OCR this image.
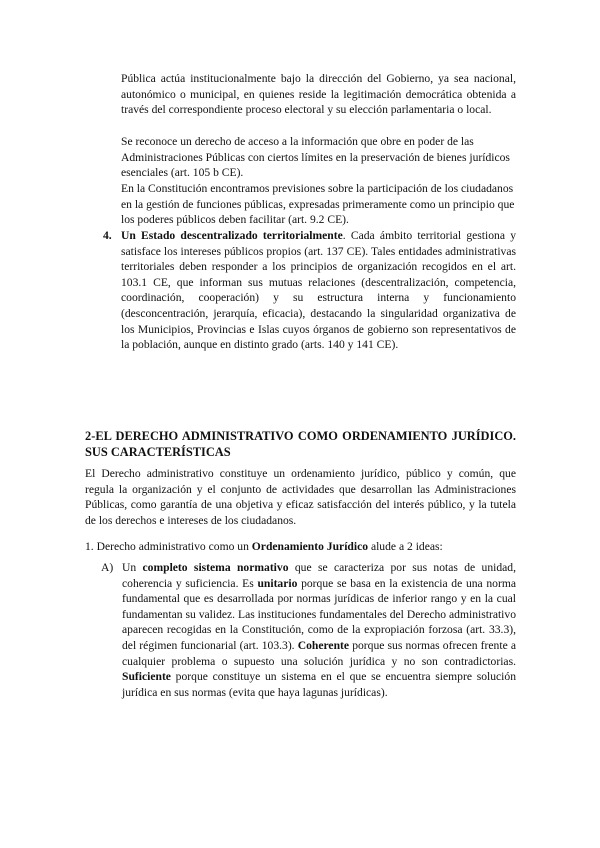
Pública actúa institucionalmente bajo la dirección del Gobierno, ya sea nacional, autonómico o municipal, en quienes reside la legitimación democrática obtenida a través del correspondiente proceso electoral y su elección parlamentaria o local.

Se reconoce un derecho de acceso a la información que obre en poder de las Administraciones Públicas con ciertos límites en la preservación de bienes jurídicos esenciales (art. 105 b CE).

En la Constitución encontramos previsiones sobre la participación de los ciudadanos en la gestión de funciones públicas, expresadas primeramente como un principio que los poderes públicos deben facilitar (art. 9.2 CE).

4. Un Estado descentralizado territorialmente. Cada ámbito territorial gestiona y satisface los intereses públicos propios (art. 137 CE). Tales entidades administrativas territoriales deben responder a los principios de organización recogidos en el art. 103.1 CE, que informan sus mutuas relaciones (descentralización, competencia, coordinación, cooperación) y su estructura interna y funcionamiento (desconcentración, jerarquía, eficacia), destacando la singularidad organizativa de los Municipios, Provincias e Islas cuyos órganos de gobierno son representativos de la población, aunque en distinto grado (arts. 140 y 141 CE).

2-EL DERECHO ADMINISTRATIVO COMO ORDENAMIENTO JURÍDICO. SUS CARACTERÍSTICAS

El Derecho administrativo constituye un ordenamiento jurídico, público y común, que regula la organización y el conjunto de actividades que desarrollan las Administraciones Públicas, como garantía de una objetiva y eficaz satisfacción del interés público, y la tutela de los derechos e intereses de los ciudadanos.

1. Derecho administrativo como un Ordenamiento Jurídico alude a 2 ideas:

A) Un completo sistema normativo que se caracteriza por sus notas de unidad, coherencia y suficiencia. Es unitario porque se basa en la existencia de una norma fundamental que es desarrollada por normas jurídicas de inferior rango y en la cual fundamentan su validez. Las instituciones fundamentales del Derecho administrativo aparecen recogidas en la Constitución, como de la expropiación forzosa (art. 33.3), del régimen funcionarial (art. 103.3). Coherente porque sus normas ofrecen frente a cualquier problema o supuesto una solución jurídica y no son contradictorias. Suficiente porque constituye un sistema en el que se encuentra siempre solución jurídica en sus normas (evita que haya lagunas jurídicas).
